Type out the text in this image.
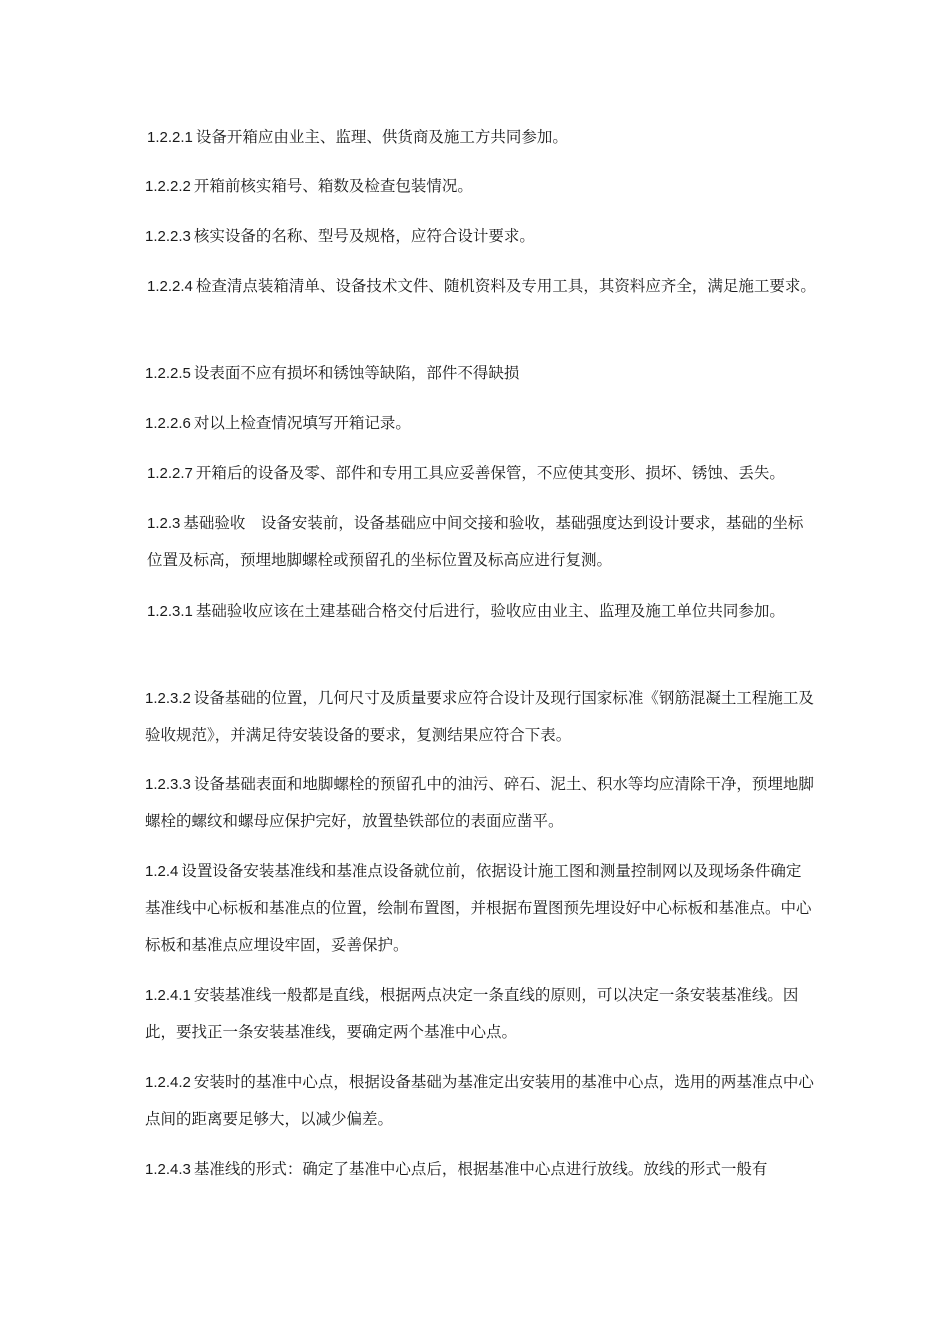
1.2.2.1 设备开箱应由业主、监理、供货商及施工方共同参加。

1.2.2.2 开箱前核实箱号、箱数及检查包装情况。

1.2.2.3 核实设备的名称、型号及规格，应符合设计要求。

1.2.2.4 检查清点装箱清单、设备技术文件、随机资料及专用工具，其资料应齐全，满足施工要求。

1.2.2.5 设表面不应有损坏和锈蚀等缺陷，部件不得缺损

1.2.2.6 对以上检查情况填写开箱记录。

1.2.2.7 开箱后的设备及零、部件和专用工具应妥善保管，不应使其变形、损坏、锈蚀、丢失。

1.2.3 基础验收　设备安装前，设备基础应中间交接和验收，基础强度达到设计要求，基础的坐标位置及标高，预埋地脚螺栓或预留孔的坐标位置及标高应进行复测。

1.2.3.1 基础验收应该在土建基础合格交付后进行，验收应由业主、监理及施工单位共同参加。

1.2.3.2 设备基础的位置，几何尺寸及质量要求应符合设计及现行国家标准《钢筋混凝土工程施工及验收规范》，并满足待安装设备的要求，复测结果应符合下表。

1.2.3.3 设备基础表面和地脚螺栓的预留孔中的油污、碎石、泥土、积水等均应清除干净，预埋地脚螺栓的螺纹和螺母应保护完好，放置垫铁部位的表面应凿平。

1.2.4 设置设备安装基准线和基准点设备就位前，依据设计施工图和测量控制网以及现场条件确定基准线中心标板和基准点的位置，绘制布置图，并根据布置图预先埋设好中心标板和基准点。中心标板和基准点应埋设牢固，妥善保护。

1.2.4.1 安装基准线一般都是直线，根据两点决定一条直线的原则，可以决定一条安装基准线。因此，要找正一条安装基准线，要确定两个基准中心点。

1.2.4.2 安装时的基准中心点，根据设备基础为基准定出安装用的基准中心点，选用的两基准点中心点间的距离要足够大，以减少偏差。

1.2.4.3 基准线的形式：确定了基准中心点后，根据基准中心点进行放线。放线的形式一般有
